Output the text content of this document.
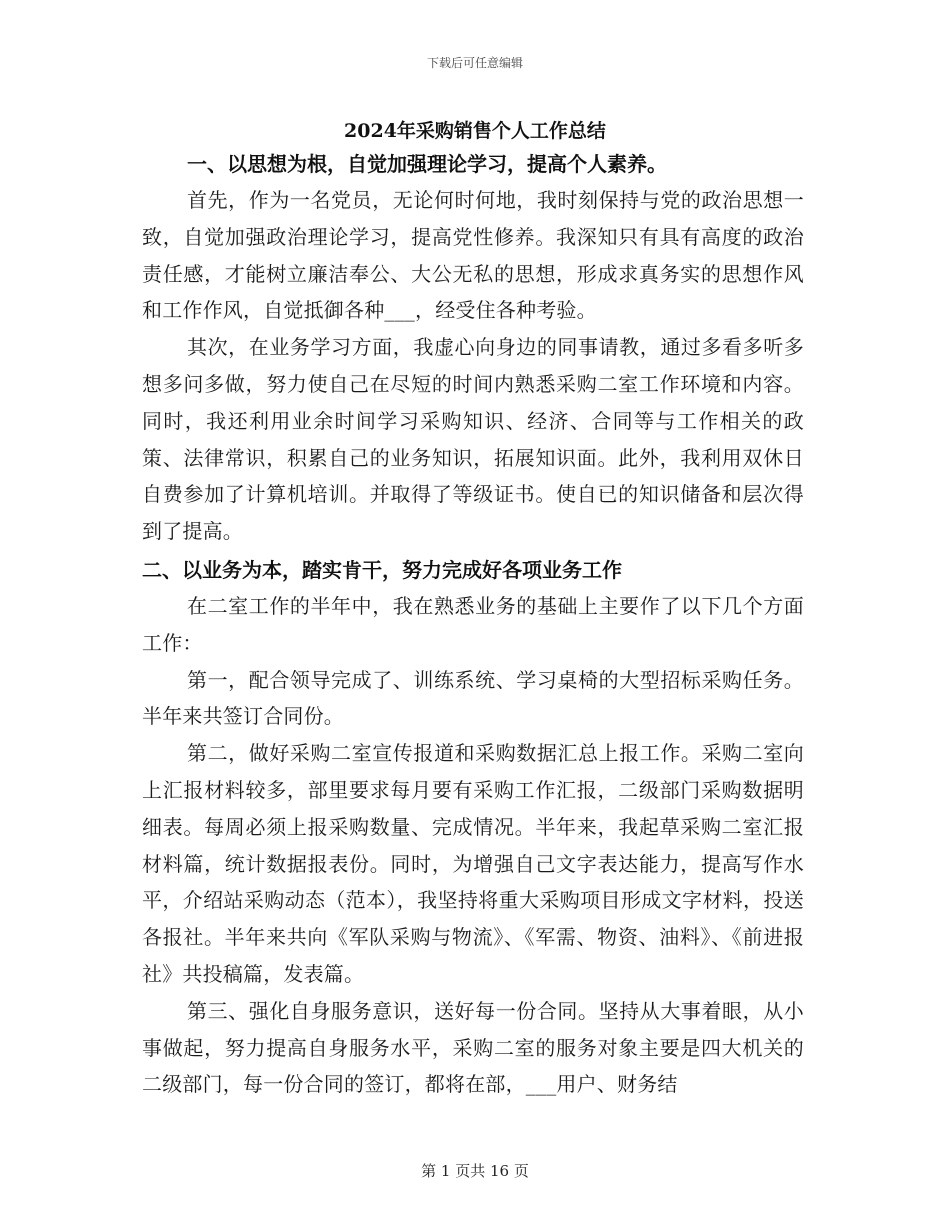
下载后可任意编辑
2024年采购销售个人工作总结
一、以思想为根，自觉加强理论学习，提高个人素养。

首先，作为一名党员，无论何时何地，我时刻保持与党的政治思想一致，自觉加强政治理论学习，提高党性修养。我深知只有具有高度的政治责任感，才能树立廉洁奉公、大公无私的思想，形成求真务实的思想作风和工作作风，自觉抵御各种___，经受住各种考验。

其次，在业务学习方面，我虚心向身边的同事请教，通过多看多听多想多问多做，努力使自己在尽短的时间内熟悉采购二室工作环境和内容。同时，我还利用业余时间学习采购知识、经济、合同等与工作相关的政策、法律常识，积累自己的业务知识，拓展知识面。此外，我利用双休日自费参加了计算机培训。并取得了等级证书。使自已的知识储备和层次得到了提高。

二、以业务为本，踏实肯干，努力完成好各项业务工作

在二室工作的半年中，我在熟悉业务的基础上主要作了以下几个方面工作：

第一，配合领导完成了、训练系统、学习桌椅的大型招标采购任务。半年来共签订合同份。

第二，做好采购二室宣传报道和采购数据汇总上报工作。采购二室向上汇报材料较多，部里要求每月要有采购工作汇报，二级部门采购数据明细表。每周必须上报采购数量、完成情况。半年来，我起草采购二室汇报材料篇，统计数据报表份。同时，为增强自己文字表达能力，提高写作水平，介绍站采购动态（范本），我坚持将重大采购项目形成文字材料，投送各报社。半年来共向《军队采购与物流》、《军需、物资、油料》、《前进报社》共投稿篇，发表篇。

第三、强化自身服务意识，送好每一份合同。坚持从大事着眼，从小事做起，努力提高自身服务水平，采购二室的服务对象主要是四大机关的二级部门，每一份合同的签订，都将在部，___用户、财务结

第 1 页共 16 页
